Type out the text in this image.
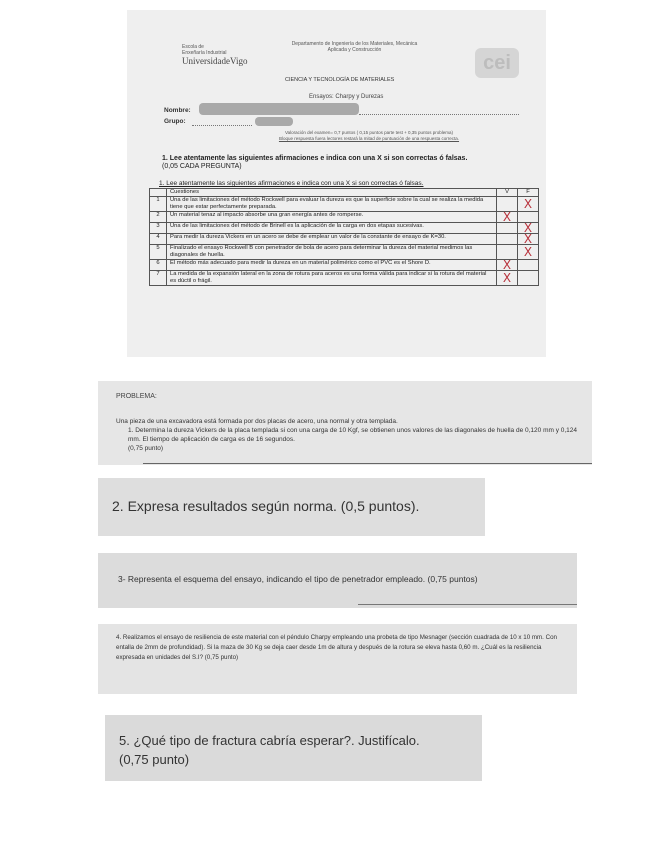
Escola de
Enxeñaría Industrial
UniversidadeVigo
Departamento de Ingeniería de los Materiales, Mecánica
Aplicada y Construcción
cei
CIENCIA Y TECNOLOGÍA DE MATERIALES
Ensayos: Charpy y Durezas
Nombre:
Grupo:
Valoración del examen= 0,7 puntos ( 0,15 puntos parte test + 0,35 puntos problema)
Bloque respuesta fuera lectores restará la mitad de puntuación de una respuesta correcta.
1. Lee atentamente las siguientes afirmaciones e indica con una X si son correctas ó falsas.
(0,05 CADA PREGUNTA)
1. Lee atentamente las siguientes afirmaciones e indica con una X si son correctas ó falsas.
	Cuestiones	V	F
1	Una de las limitaciones del método Rockwell para evaluar la dureza es que la superficie sobre la cual se realiza la medida tiene que estar perfectamente preparada.		X
2	Un material tenaz al impacto absorbe una gran energía antes de romperse.	X	
3	Una de las limitaciones del método de Brinell es la aplicación de la carga en dos etapas sucesivas.		X
4	Para medir la dureza Vickers en un acero se debe de emplear un valor de la constante de ensayo de K=30.		X
5	Finalizado el ensayo Rockwell B con penetrador de bola de acero para determinar la dureza del material medimos las diagonales de huella.		X
6	El método más adecuado para medir la dureza en un material polimérico como el PVC es el Shore D.	X	
7	La medida de la expansión lateral en la zona de rotura para aceros es una forma válida para indicar si la rotura del material es dúctil o frágil.	X	
PROBLEMA:
Una pieza de una excavadora está formada por dos placas de acero, una normal y otra templada.
1. Determina la dureza Vickers de la placa templada si con una carga de 10 Kgf, se obtienen unos valores de las diagonales de huella de 0,120 mm y 0,124 mm. El tiempo de aplicación de carga es de 16 segundos.
(0,75 punto)
2. Expresa resultados según norma. (0,5 puntos).
3- Representa el esquema del ensayo, indicando el tipo de penetrador empleado. (0,75 puntos)
4. Realizamos el ensayo de resiliencia de este material con el péndulo Charpy empleando una probeta de tipo Mesnager (sección cuadrada de 10 x 10 mm. Con entalla de 2mm de profundidad). Si la maza de 30 Kg se deja caer desde 1m de altura y después de la rotura se eleva hasta 0,60 m. ¿Cuál es la resiliencia expresada en unidades del S.I? (0,75 punto)
5. ¿Qué tipo de fractura cabría esperar?. Justifícalo.
(0,75 punto)
